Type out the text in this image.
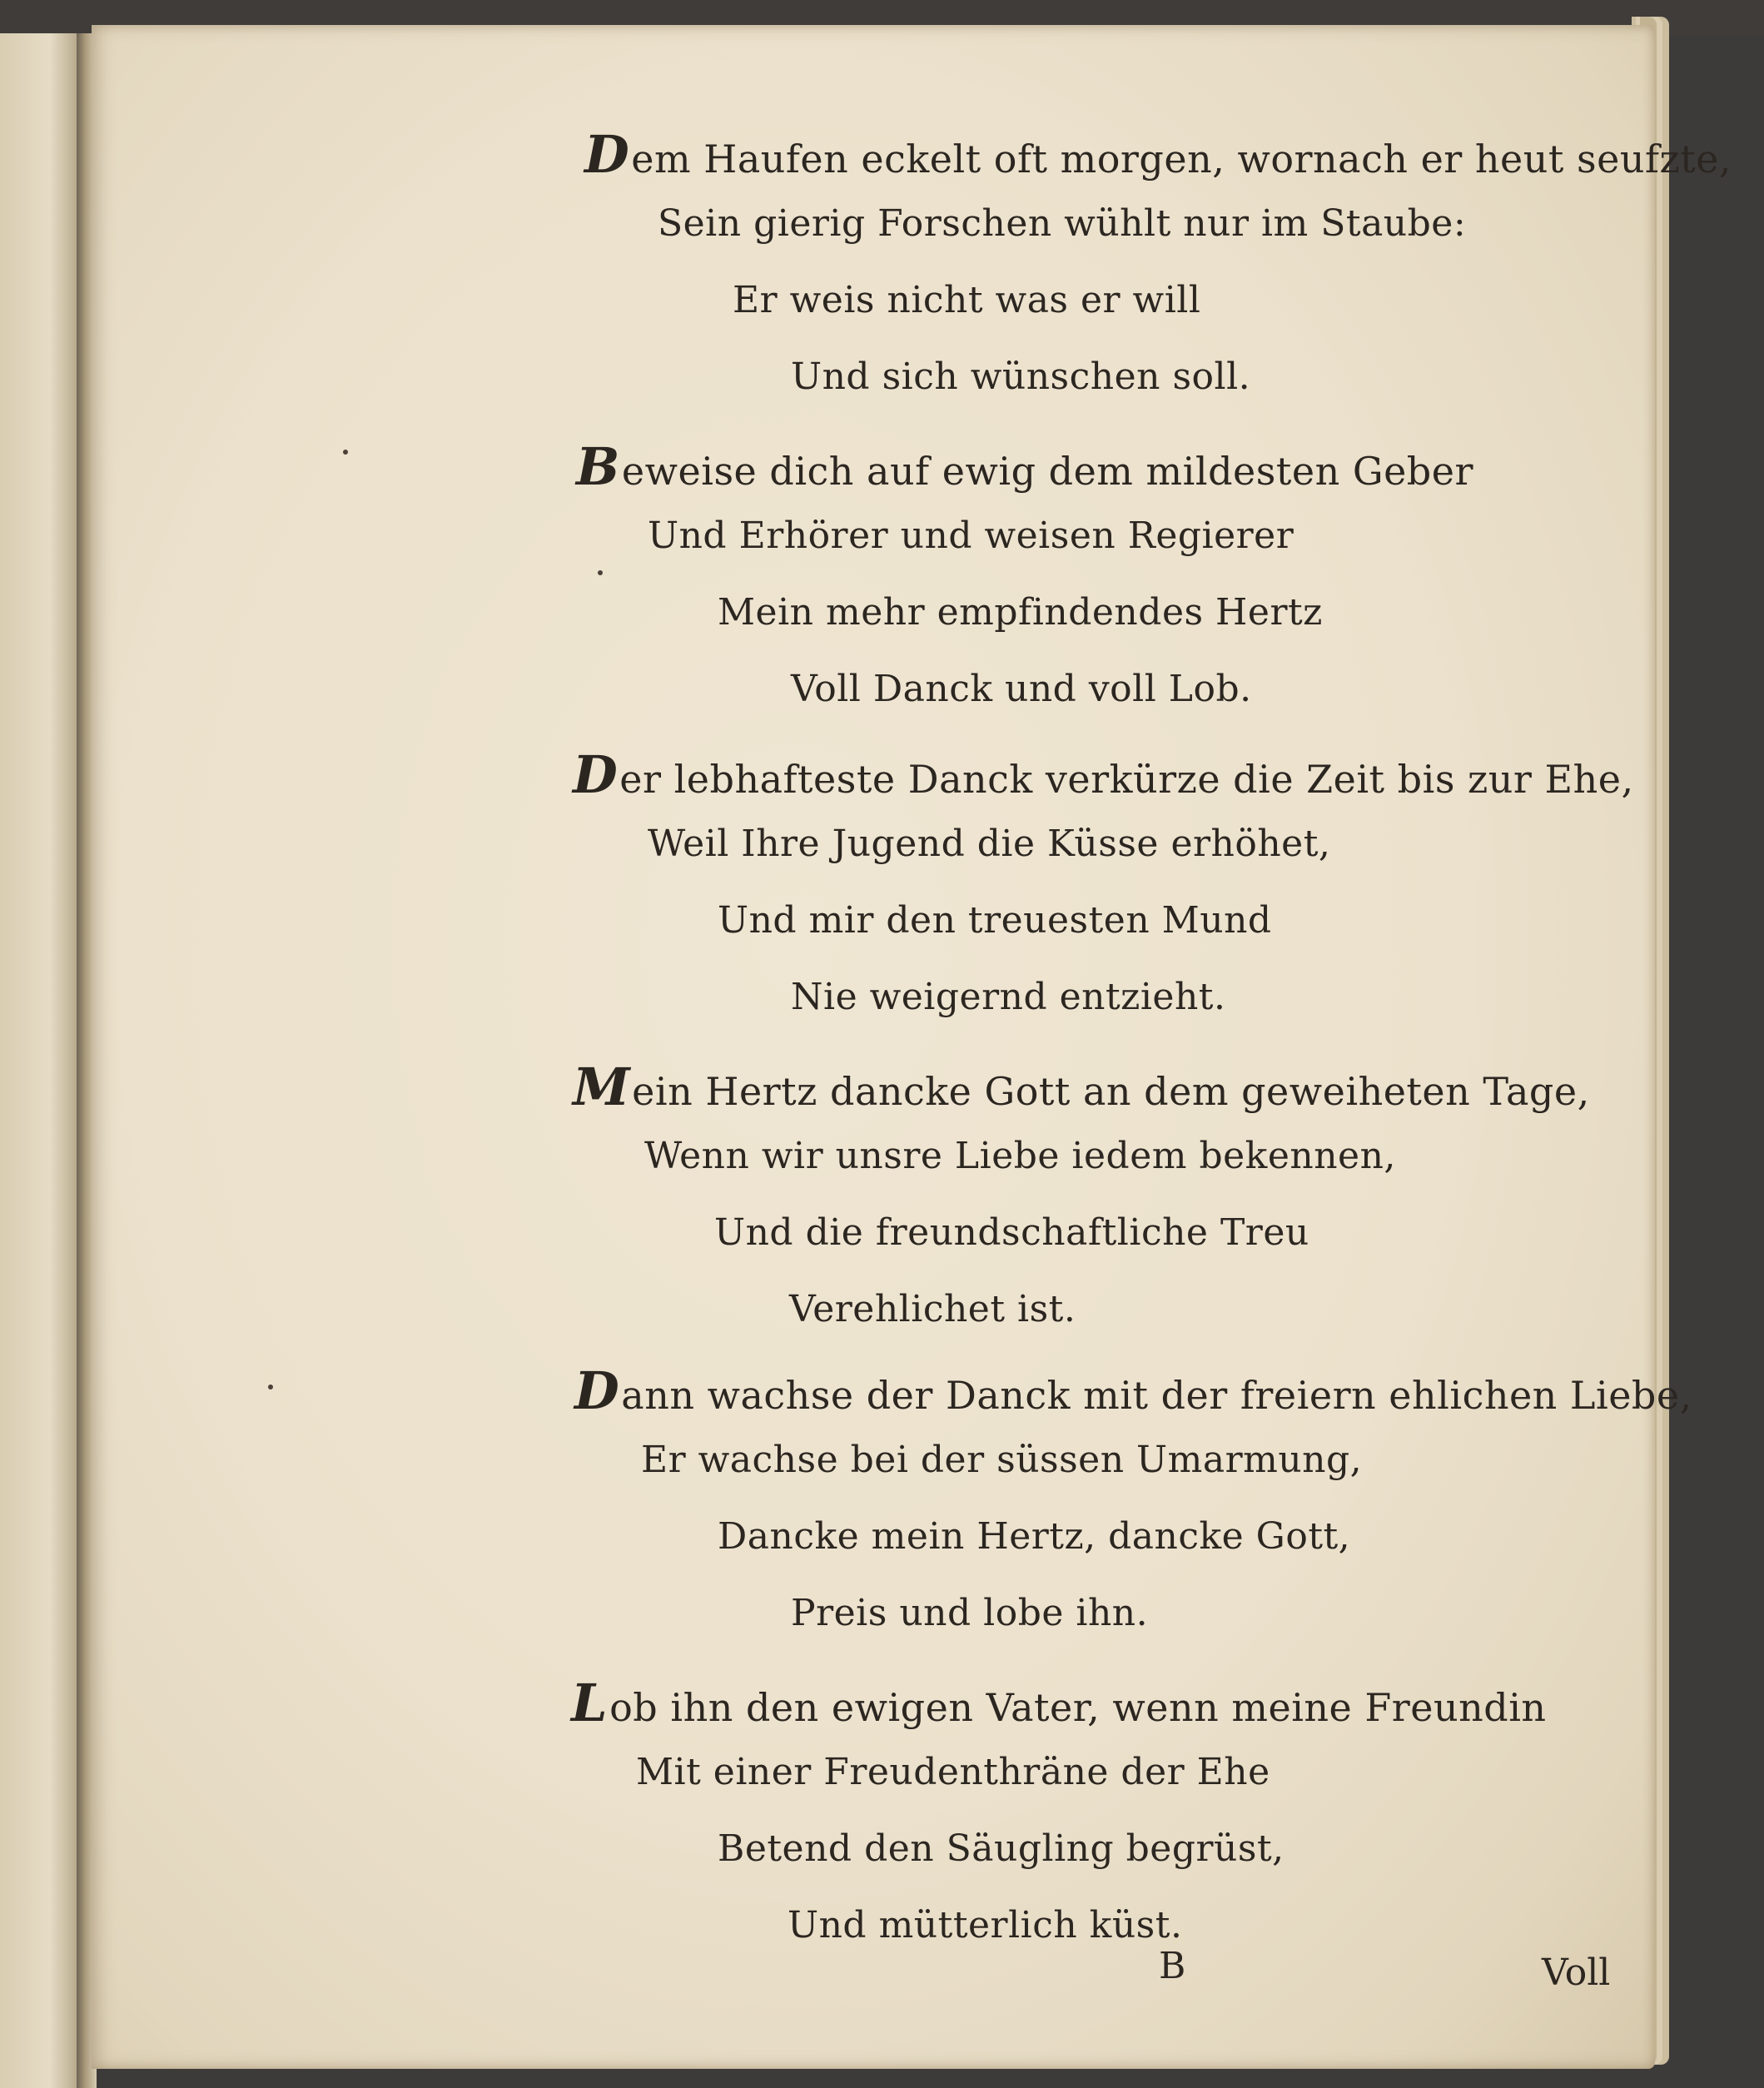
Dem Haufen eckelt oft morgen, wornach er heut seufzte,
Sein gierig Forschen wühlt nur im Staube:
Er weis nicht was er will
Und sich wünschen soll.
Beweise dich auf ewig dem mildesten Geber
Und Erhörer und weisen Regierer
Mein mehr empfindendes Hertz
Voll Danck und voll Lob.
Der lebhafteste Danck verkürze die Zeit bis zur Ehe,
Weil Ihre Jugend die Küsse erhöhet,
Und mir den treuesten Mund
Nie weigernd entzieht.
Mein Hertz dancke Gott an dem geweiheten Tage,
Wenn wir unsre Liebe iedem bekennen,
Und die freundschaftliche Treu
Verehlichet ist.
Dann wachse der Danck mit der freiern ehlichen Liebe,
Er wachse bei der süssen Umarmung,
Dancke mein Hertz, dancke Gott,
Preis und lobe ihn.
Lob ihn den ewigen Vater, wenn meine Freundin
Mit einer Freudenthräne der Ehe
Betend den Säugling begrüst,
Und mütterlich küst.
B	Voll
